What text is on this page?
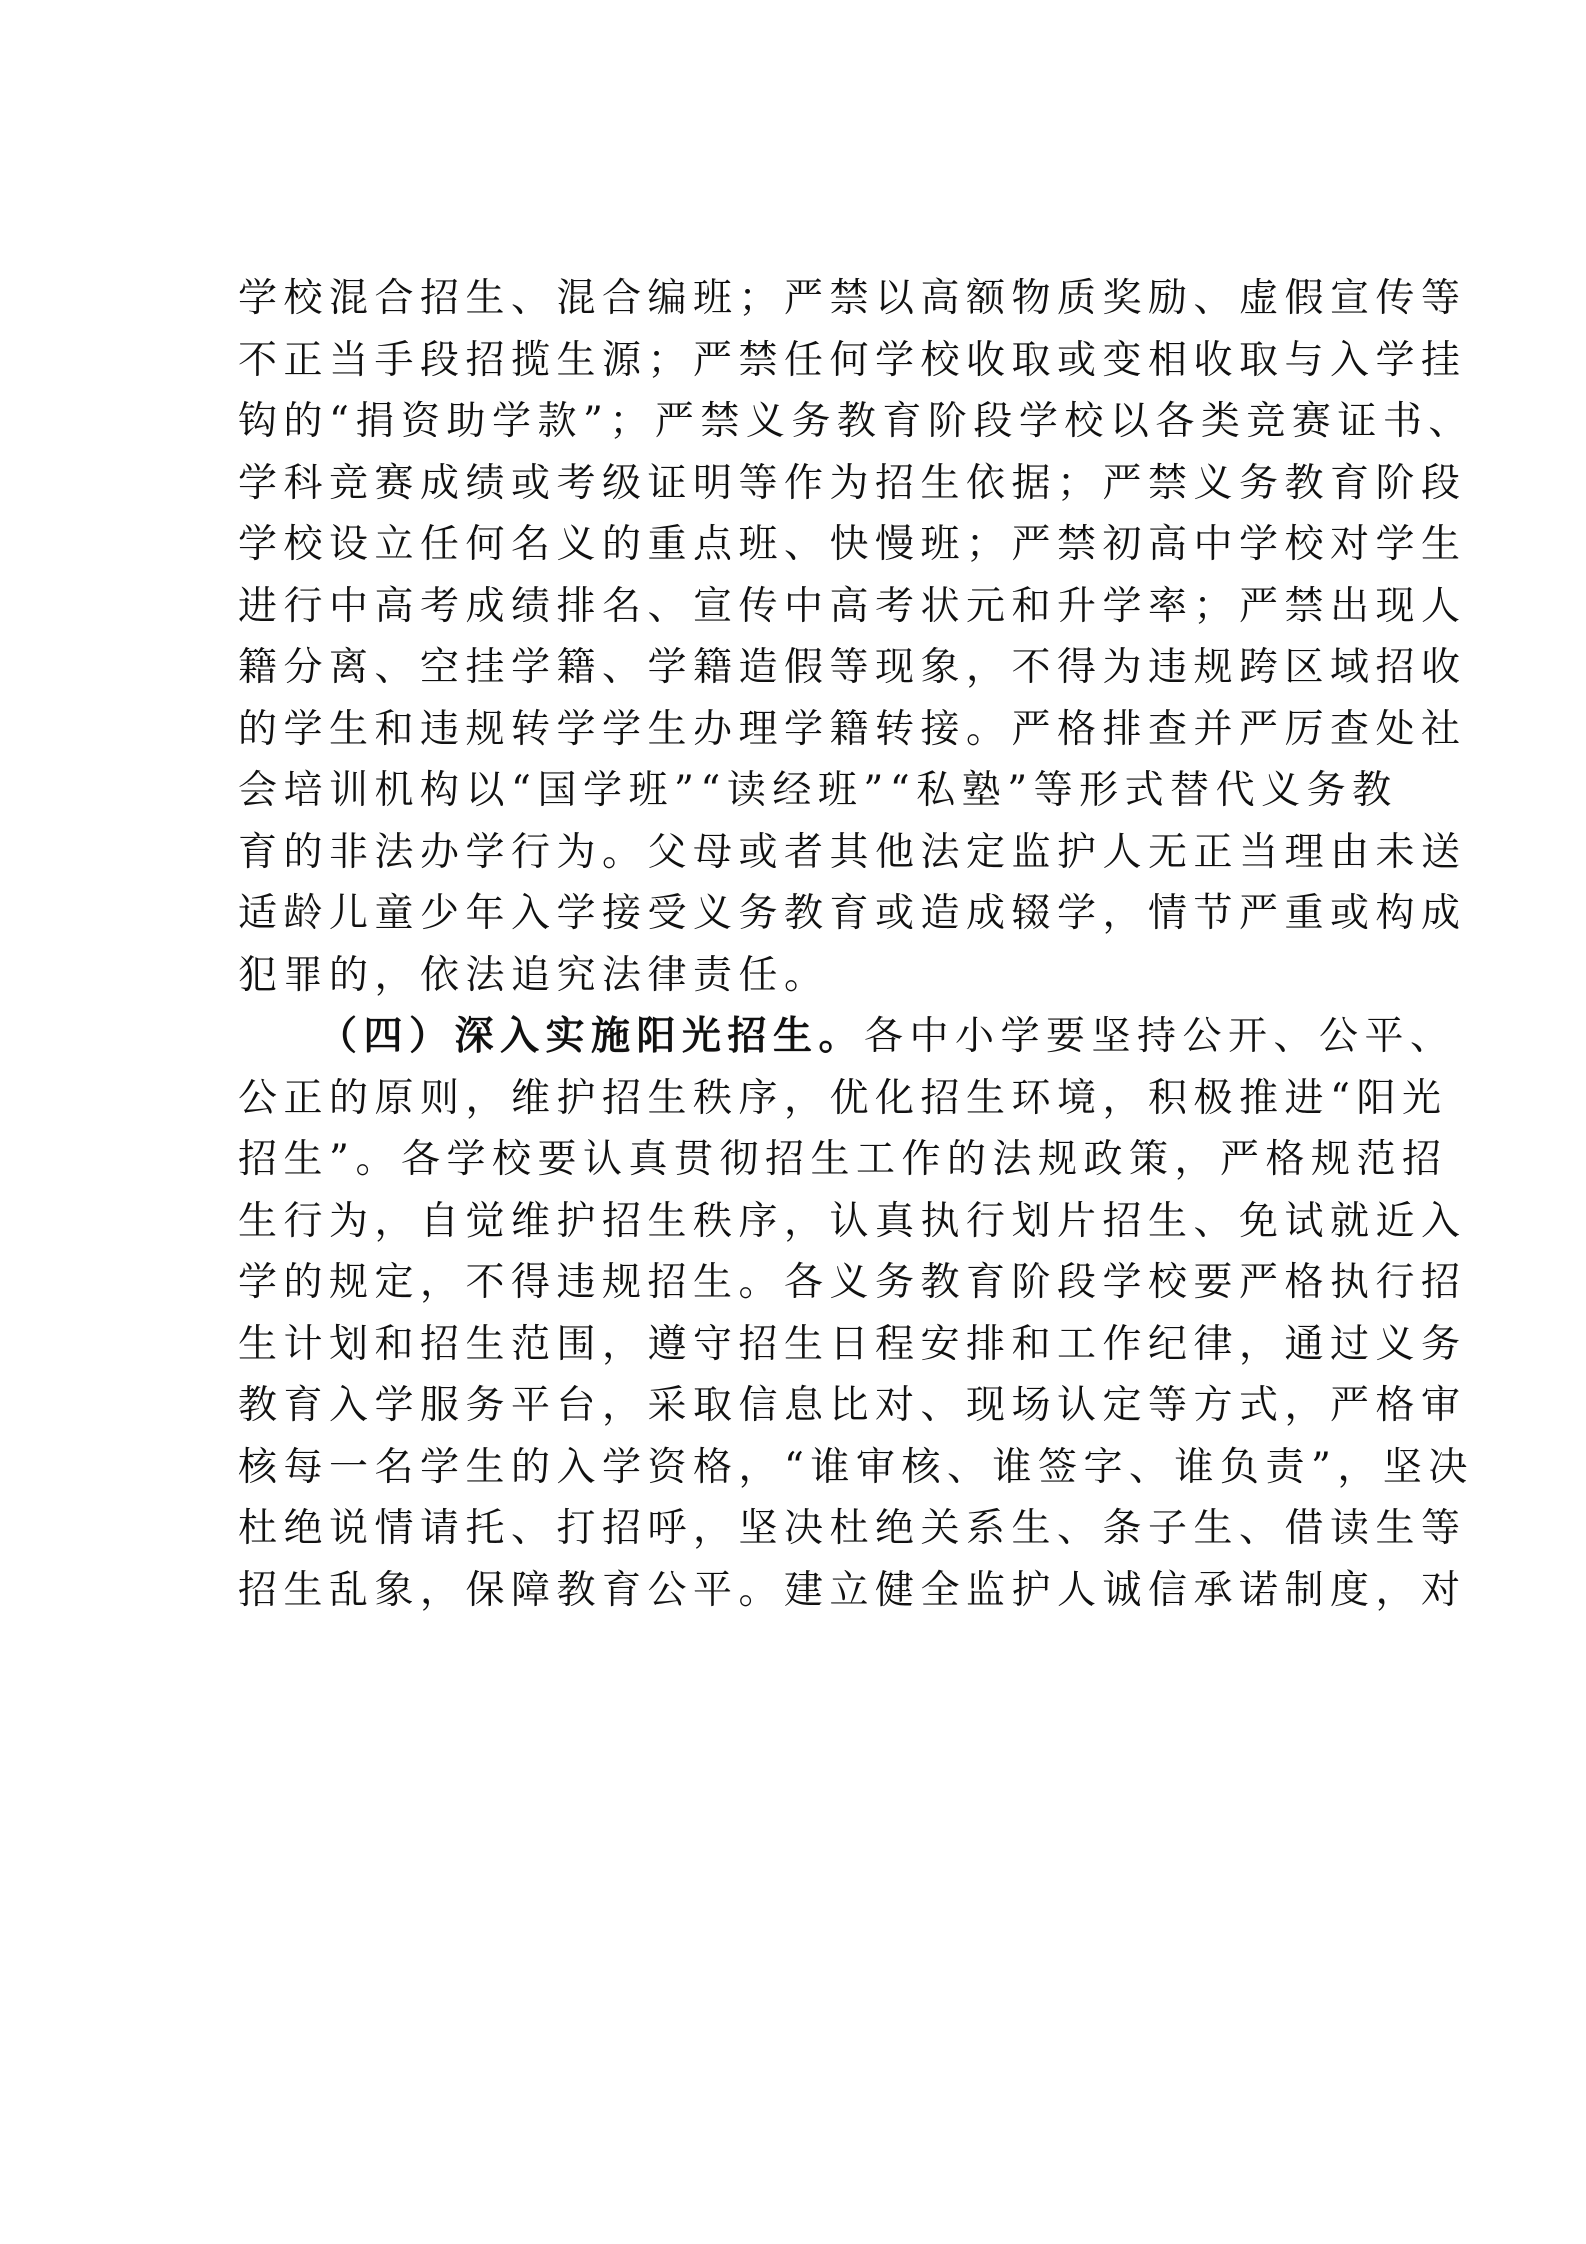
学校混合招生、混合编班；严禁以高额物质奖励、虚假宣传等
不正当手段招揽生源；严禁任何学校收取或变相收取与入学挂
钩的“捐资助学款”；严禁义务教育阶段学校以各类竞赛证书、
学科竞赛成绩或考级证明等作为招生依据；严禁义务教育阶段
学校设立任何名义的重点班、快慢班；严禁初高中学校对学生
进行中高考成绩排名、宣传中高考状元和升学率；严禁出现人
籍分离、空挂学籍、学籍造假等现象，不得为违规跨区域招收
的学生和违规转学学生办理学籍转接。严格排查并严厉查处社
会培训机构以“国学班”“读经班”“私塾”等形式替代义务教
育的非法办学行为。父母或者其他法定监护人无正当理由未送
适龄儿童少年入学接受义务教育或造成辍学，情节严重或构成
犯罪的，依法追究法律责任。
（四）深入实施阳光招生。各中小学要坚持公开、公平、
公正的原则，维护招生秩序，优化招生环境，积极推进“阳光
招生”。各学校要认真贯彻招生工作的法规政策，严格规范招
生行为，自觉维护招生秩序，认真执行划片招生、免试就近入
学的规定，不得违规招生。各义务教育阶段学校要严格执行招
生计划和招生范围，遵守招生日程安排和工作纪律，通过义务
教育入学服务平台，采取信息比对、现场认定等方式，严格审
核每一名学生的入学资格，“谁审核、谁签字、谁负责”，坚决
杜绝说情请托、打招呼，坚决杜绝关系生、条子生、借读生等
招生乱象，保障教育公平。建立健全监护人诚信承诺制度，对
